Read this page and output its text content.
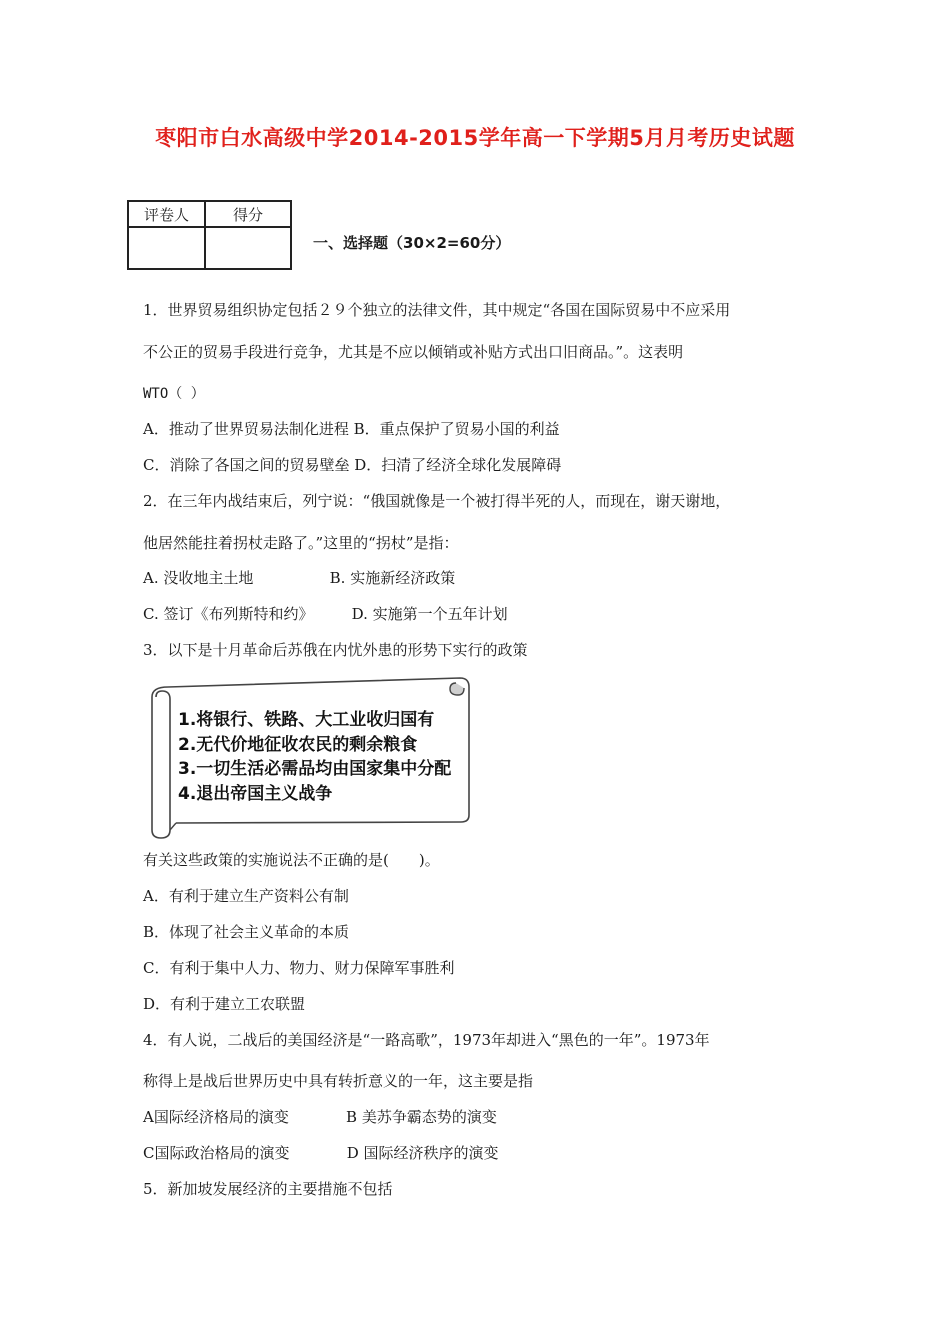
枣阳市白水高级中学2014-2015学年高一下学期5月月考历史试题
评卷人	得分

一、选择题（30×2=60分）
1．世界贸易组织协定包括２９个独立的法律文件，其中规定“各国在国际贸易中不应采用
不公正的贸易手段进行竞争，尤其是不应以倾销或补贴方式出口旧商品。”。这表明
WTO（ ）
A．推动了世界贸易法制化进程 B．重点保护了贸易小国的利益
C．消除了各国之间的贸易壁垒 D．扫清了经济全球化发展障碍
2．在三年内战结束后，列宁说：“俄国就像是一个被打得半死的人，而现在，谢天谢地，
他居然能拄着拐杖走路了。”这里的“拐杖”是指：
A. 没收地主土地                B. 实施新经济政策
C. 签订《布列斯特和约》        D. 实施第一个五年计划
3．以下是十月革命后苏俄在内忧外患的形势下实行的政策
1.将银行、铁路、大工业收归国有
2.无代价地征收农民的剩余粮食
3.一切生活必需品均由国家集中分配
4.退出帝国主义战争
有关这些政策的实施说法不正确的是(　　)。
A．有利于建立生产资料公有制
B．体现了社会主义革命的本质
C．有利于集中人力、物力、财力保障军事胜利
D．有利于建立工农联盟
4．有人说，二战后的美国经济是“一路高歌”，1973年却进入“黑色的一年”。1973年
称得上是战后世界历史中具有转折意义的一年，这主要是指
A国际经济格局的演变            B 美苏争霸态势的演变
C国际政治格局的演变            D 国际经济秩序的演变
5．新加坡发展经济的主要措施不包括
